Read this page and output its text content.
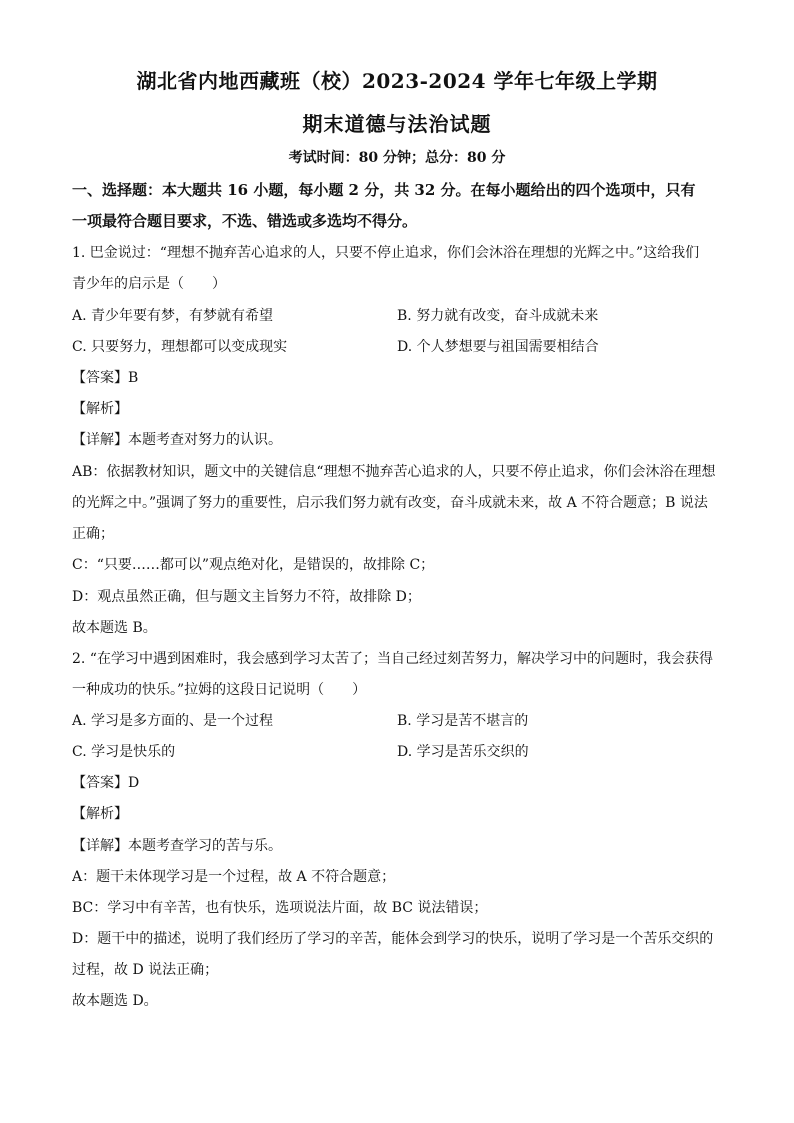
湖北省内地西藏班（校）2023-2024 学年七年级上学期
期末道德与法治试题
考试时间：80 分钟；总分：80 分
一、选择题：本大题共 16 小题，每小题 2 分，共 32 分。在每小题给出的四个选项中，只有
一项最符合题目要求，不选、错选或多选均不得分。
1. 巴金说过：“理想不抛弃苦心追求的人，只要不停止追求，你们会沐浴在理想的光辉之中。”这给我们
青少年的启示是（　　）
A. 青少年要有梦，有梦就有希望	B. 努力就有改变，奋斗成就未来
C. 只要努力，理想都可以变成现实	D. 个人梦想要与祖国需要相结合
【答案】B
【解析】
【详解】本题考查对努力的认识。
AB：依据教材知识，题文中的关键信息“理想不抛弃苦心追求的人，只要不停止追求，你们会沐浴在理想
的光辉之中。”强调了努力的重要性，启示我们努力就有改变，奋斗成就未来，故 A 不符合题意；B 说法
正确；
C：“只要……都可以”观点绝对化，是错误的，故排除 C；
D：观点虽然正确，但与题文主旨努力不符，故排除 D；
故本题选 B。
2. “在学习中遇到困难时，我会感到学习太苦了；当自己经过刻苦努力，解决学习中的问题时，我会获得
一种成功的快乐。”拉姆的这段日记说明（　　）
A. 学习是多方面的、是一个过程	B. 学习是苦不堪言的
C. 学习是快乐的	D. 学习是苦乐交织的
【答案】D
【解析】
【详解】本题考查学习的苦与乐。
A：题干未体现学习是一个过程，故 A 不符合题意；
BC：学习中有辛苦，也有快乐，选项说法片面，故 BC 说法错误；
D：题干中的描述，说明了我们经历了学习的辛苦，能体会到学习的快乐，说明了学习是一个苦乐交织的
过程，故 D 说法正确；
故本题选 D。
